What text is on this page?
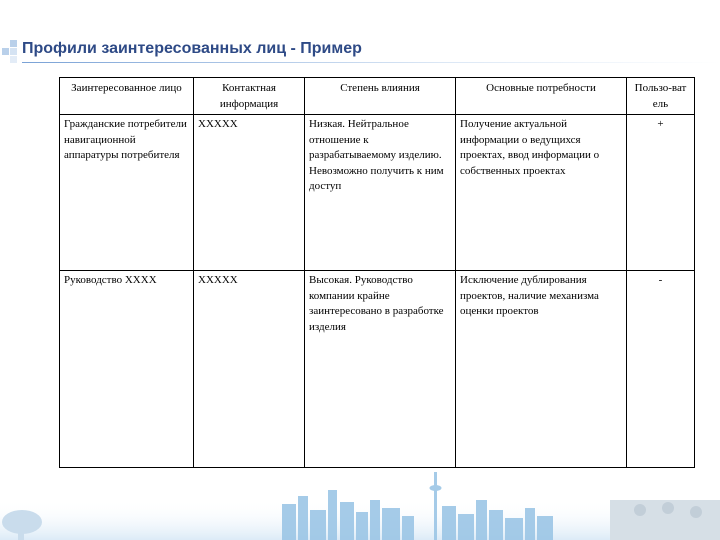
Профили заинтересованных лиц - Пример
Заинтересованное лицо	Контактная информация	Степень влияния	Основные потребности	Пользо-ват ель
Гражданские потребители навигационной аппаратуры потребителя	XXXXX	Низкая. Нейтральное отношение к разрабатываемому изделию. Невозможно получить к ним доступ	Получение актуальной информации о ведущихся проектах, ввод информации о собственных проектах	+
Руководство XXXX	XXXXX	Высокая. Руководство компании крайне заинтересовано в разработке изделия	Исключение дублирования проектов, наличие механизма оценки проектов	-
